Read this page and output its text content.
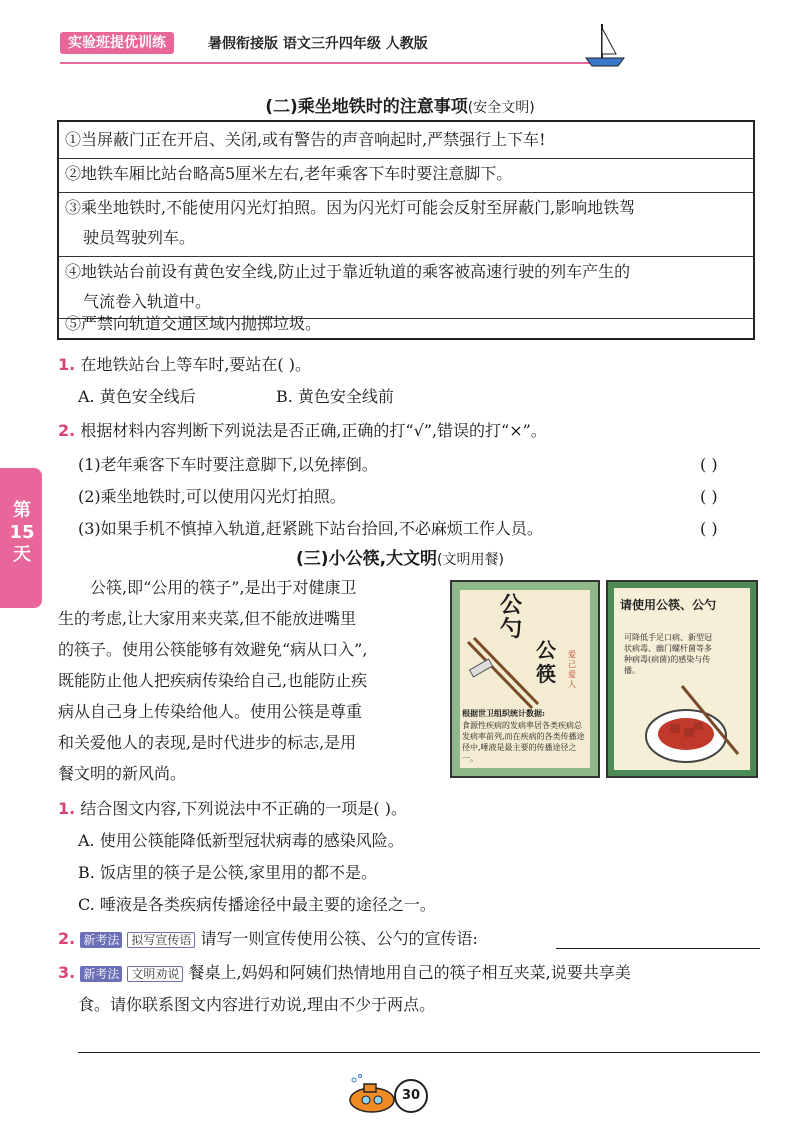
实验班提优训练	暑假衔接版 语文三升四年级 人教版
(二)乘坐地铁时的注意事项(安全文明)
①当屏蔽门正在开启、关闭,或有警告的声音响起时,严禁强行上下车!
②地铁车厢比站台略高5厘米左右,老年乘客下车时要注意脚下。
③乘坐地铁时,不能使用闪光灯拍照。因为闪光灯可能会反射至屏蔽门,影响地铁驾
驶员驾驶列车。
④地铁站台前设有黄色安全线,防止过于靠近轨道的乘客被高速行驶的列车产生的
气流卷入轨道中。
⑤严禁向轨道交通区域内抛掷垃圾。
1. 在地铁站台上等车时,要站在( )。
A. 黄色安全线后	B. 黄色安全线前
2. 根据材料内容判断下列说法是否正确,正确的打“√”,错误的打“×”。
(1)老年乘客下车时要注意脚下,以免摔倒。	( )
(2)乘坐地铁时,可以使用闪光灯拍照。	( )
(3)如果手机不慎掉入轨道,赶紧跳下站台拾回,不必麻烦工作人员。	( )
第
15
天	(三)小公筷,大文明(文明用餐)
公筷,即“公用的筷子”,是出于对健康卫
生的考虑,让大家用来夹菜,但不能放进嘴里
的筷子。使用公筷能够有效避免“病从口入”,
既能防止他人把疾病传染给自己,也能防止疾
病从自己身上传染给他人。使用公筷是尊重
和关爱他人的表现,是时代进步的标志,是用
餐文明的新风尚。
公
勺
公
筷
爱己爱人
根据世卫组织统计数据:
食源性疾病的发病率居各类疾病总发病率前列,而在疾病的各类传播途径中,唾液是最主要的传播途径之一。
请使用公筷、公勺
可降低手足口病、新型冠状病毒、幽门螺杆菌等多种病毒(病菌)的感染与传播。
1. 结合图文内容,下列说法中不正确的一项是( )。
A. 使用公筷能降低新型冠状病毒的感染风险。
B. 饭店里的筷子是公筷,家里用的都不是。
C. 唾液是各类疾病传播途径中最主要的途径之一。
2. 新考法 拟写宣传语 请写一则宣传使用公筷、公勺的宣传语:
3. 新考法 文明劝说 餐桌上,妈妈和阿姨们热情地用自己的筷子相互夹菜,说要共享美
食。请你联系图文内容进行劝说,理由不少于两点。
30
